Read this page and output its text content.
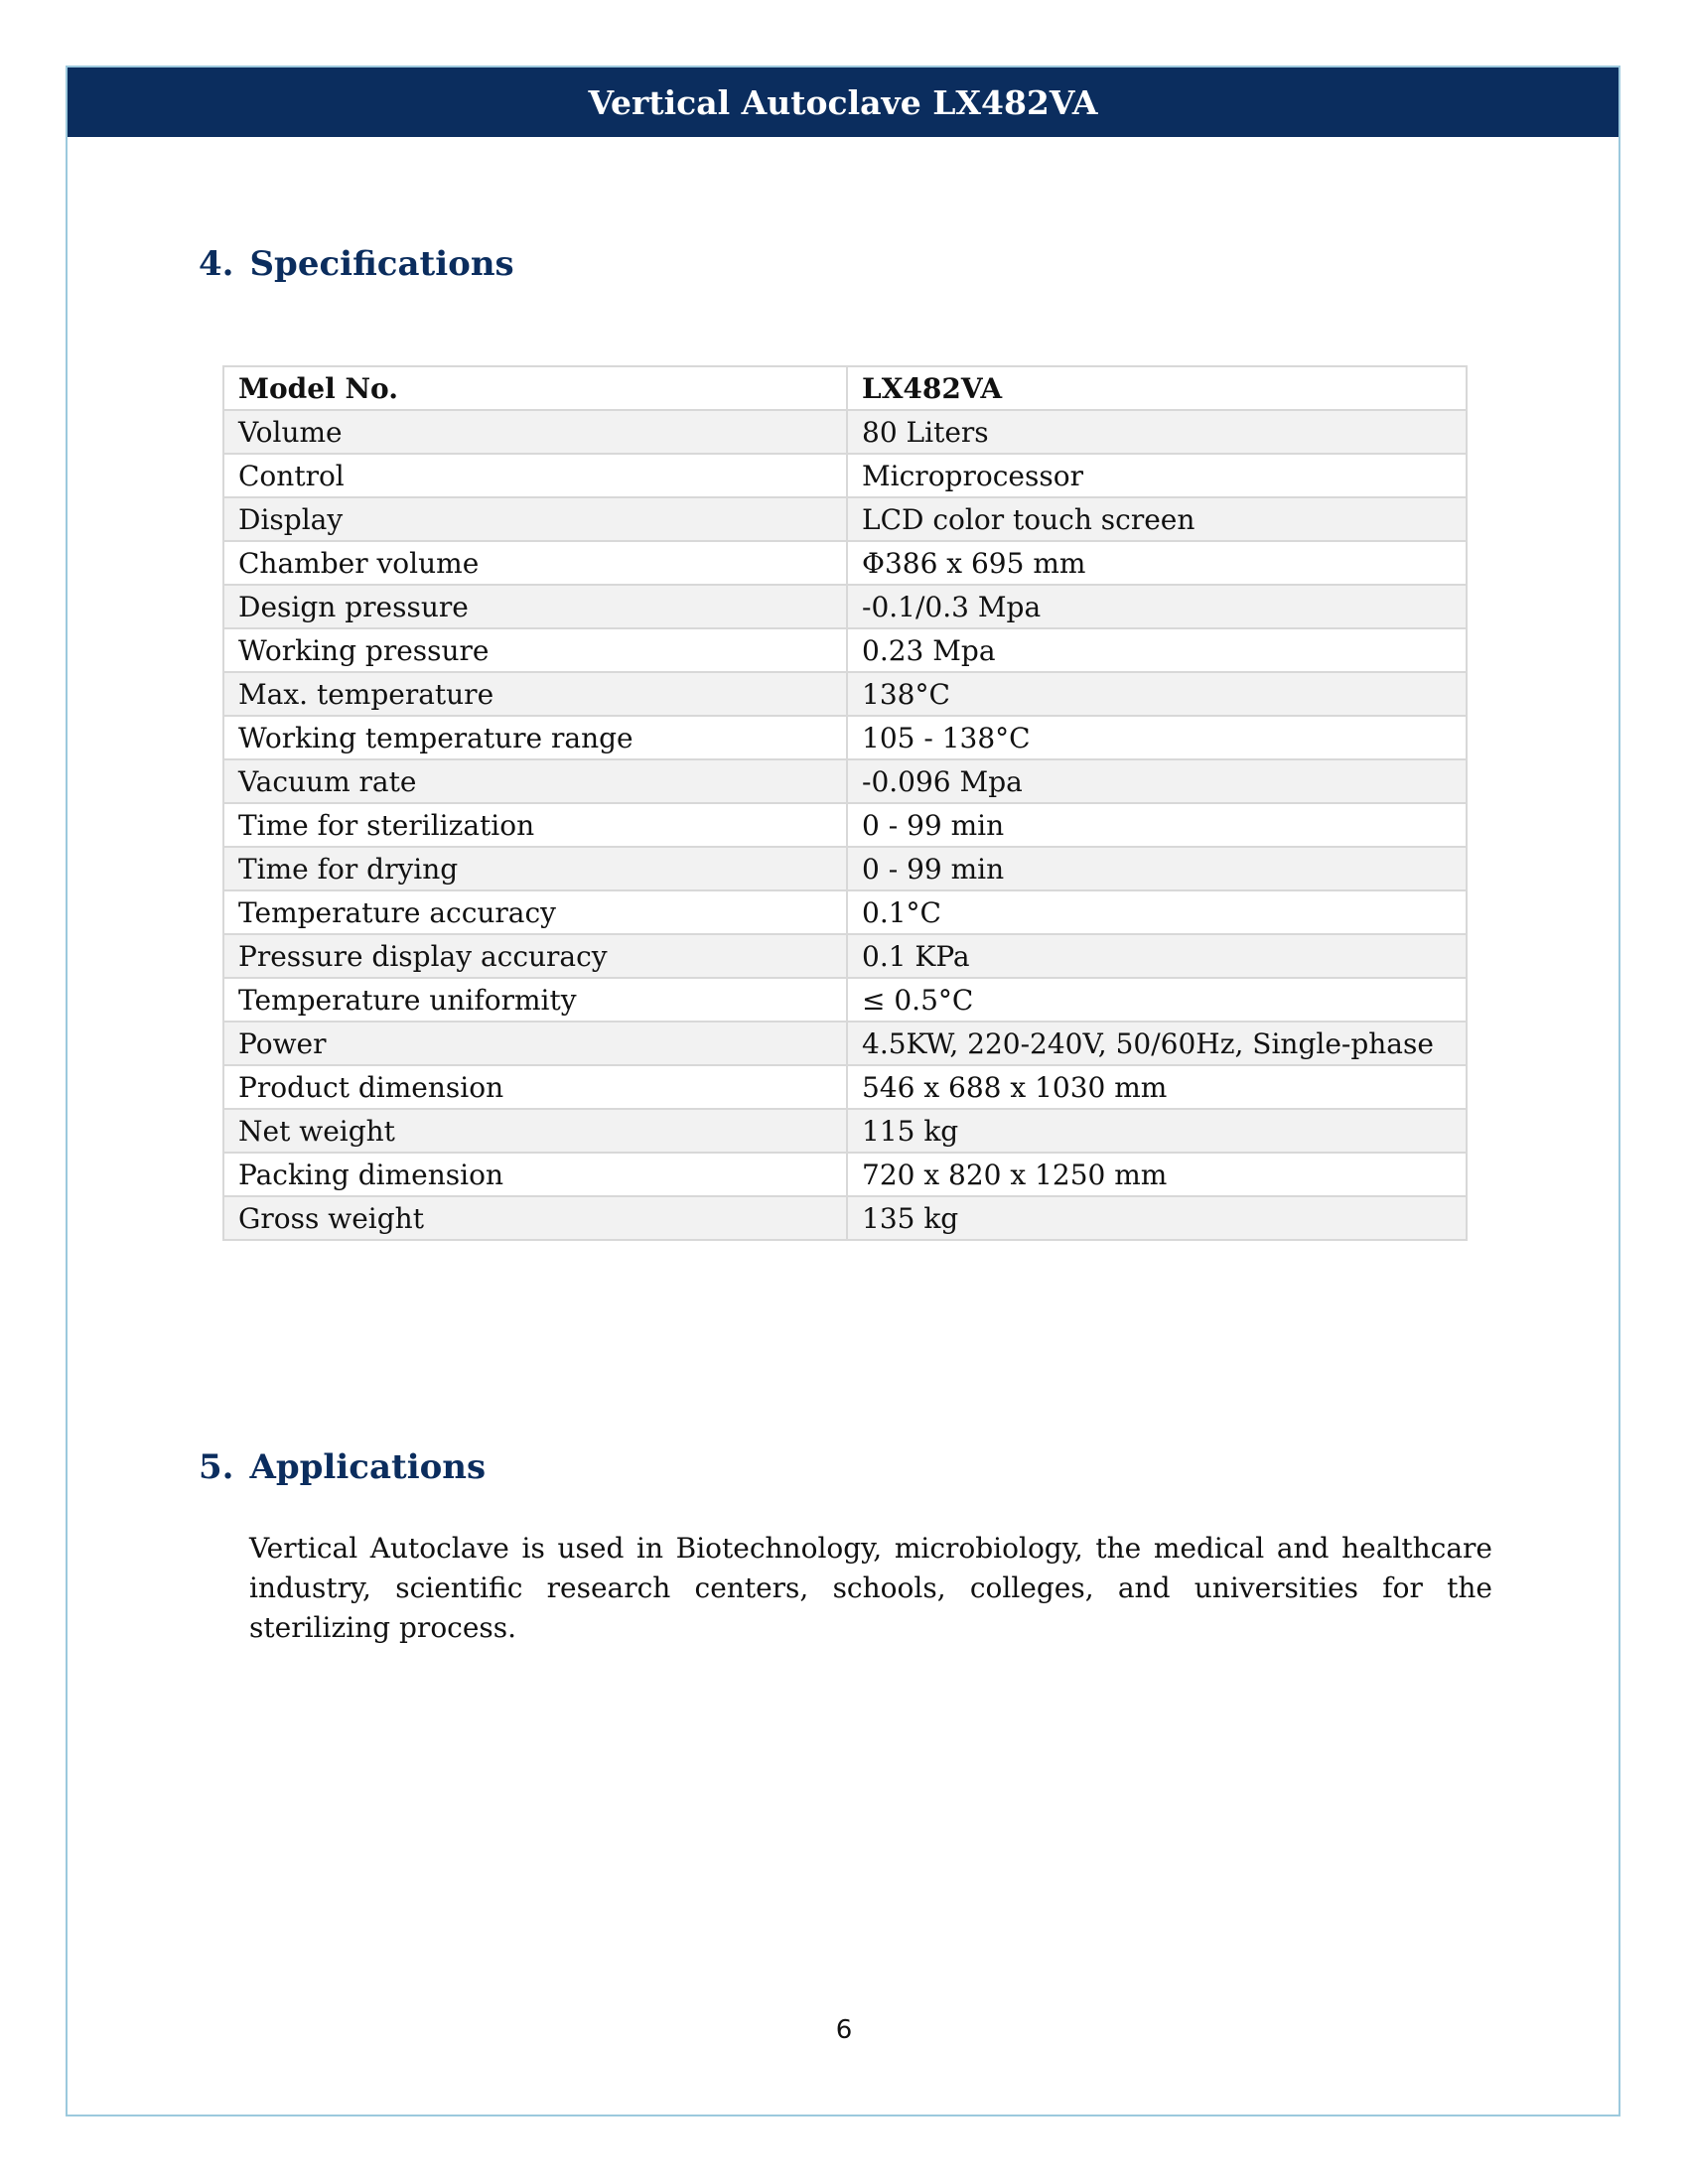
Vertical Autoclave LX482VA
4. Specifications
Model No.	LX482VA
Volume	80 Liters
Control	Microprocessor
Display	LCD color touch screen
Chamber volume	Φ386 x 695 mm
Design pressure	-0.1/0.3 Mpa
Working pressure	0.23 Mpa
Max. temperature	138°C
Working temperature range	105 - 138°C
Vacuum rate	-0.096 Mpa
Time for sterilization	0 - 99 min
Time for drying	0 - 99 min
Temperature accuracy	0.1°C
Pressure display accuracy	0.1 KPa
Temperature uniformity	≤ 0.5°C
Power	4.5KW, 220-240V, 50/60Hz, Single-phase
Product dimension	546 x 688 x 1030 mm
Net weight	115 kg
Packing dimension	720 x 820 x 1250 mm
Gross weight	135 kg
5. Applications

Vertical Autoclave is used in Biotechnology, microbiology, the medical and healthcare industry, scientific research centers, schools, colleges, and universities for the sterilizing process.

6
